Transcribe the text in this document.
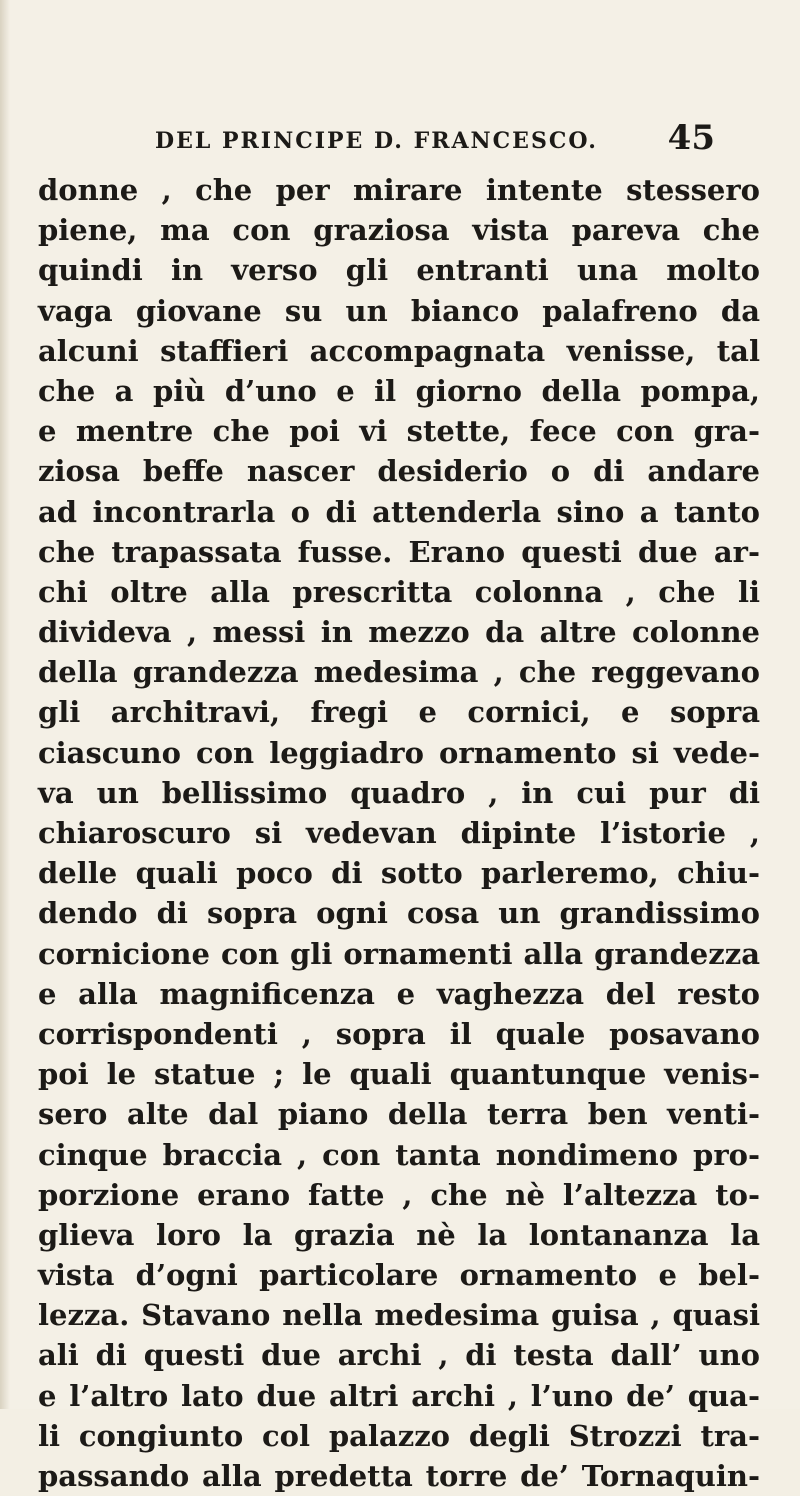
DEL PRINCIPE D. FRANCESCO. 45
donne , che per mirare intente stessero
piene, ma con graziosa vista pareva che
quindi in verso gli entranti una molto
vaga giovane su un bianco palafreno da
alcuni staffieri accompagnata venisse, tal
che a più d’uno e il giorno della pompa,
e mentre che poi vi stette, fece con gra-
ziosa beffe nascer desiderio o di andare
ad incontrarla o di attenderla sino a tanto
che trapassata fusse. Erano questi due ar-
chi oltre alla prescritta colonna , che li
divideva , messi in mezzo da altre colonne
della grandezza medesima , che reggevano
gli architravi, fregi e cornici, e sopra
ciascuno con leggiadro ornamento si vede-
va un bellissimo quadro , in cui pur di
chiaroscuro si vedevan dipinte l’istorie ,
delle quali poco di sotto parleremo, chiu-
dendo di sopra ogni cosa un grandissimo
cornicione con gli ornamenti alla grandezza
e alla magnificenza e vaghezza del resto
corrispondenti , sopra il quale posavano
poi le statue ; le quali quantunque venis-
sero alte dal piano della terra ben venti-
cinque braccia , con tanta nondimeno pro-
porzione erano fatte , che nè l’altezza to-
glieva loro la grazia nè la lontananza la
vista d’ogni particolare ornamento e bel-
lezza. Stavano nella medesima guisa , quasi
ali di questi due archi , di testa dall’ uno
e l’altro lato due altri archi , l’uno de’ qua-
li congiunto col palazzo degli Strozzi tra-
passando alla predetta torre de’ Tornaquin-
